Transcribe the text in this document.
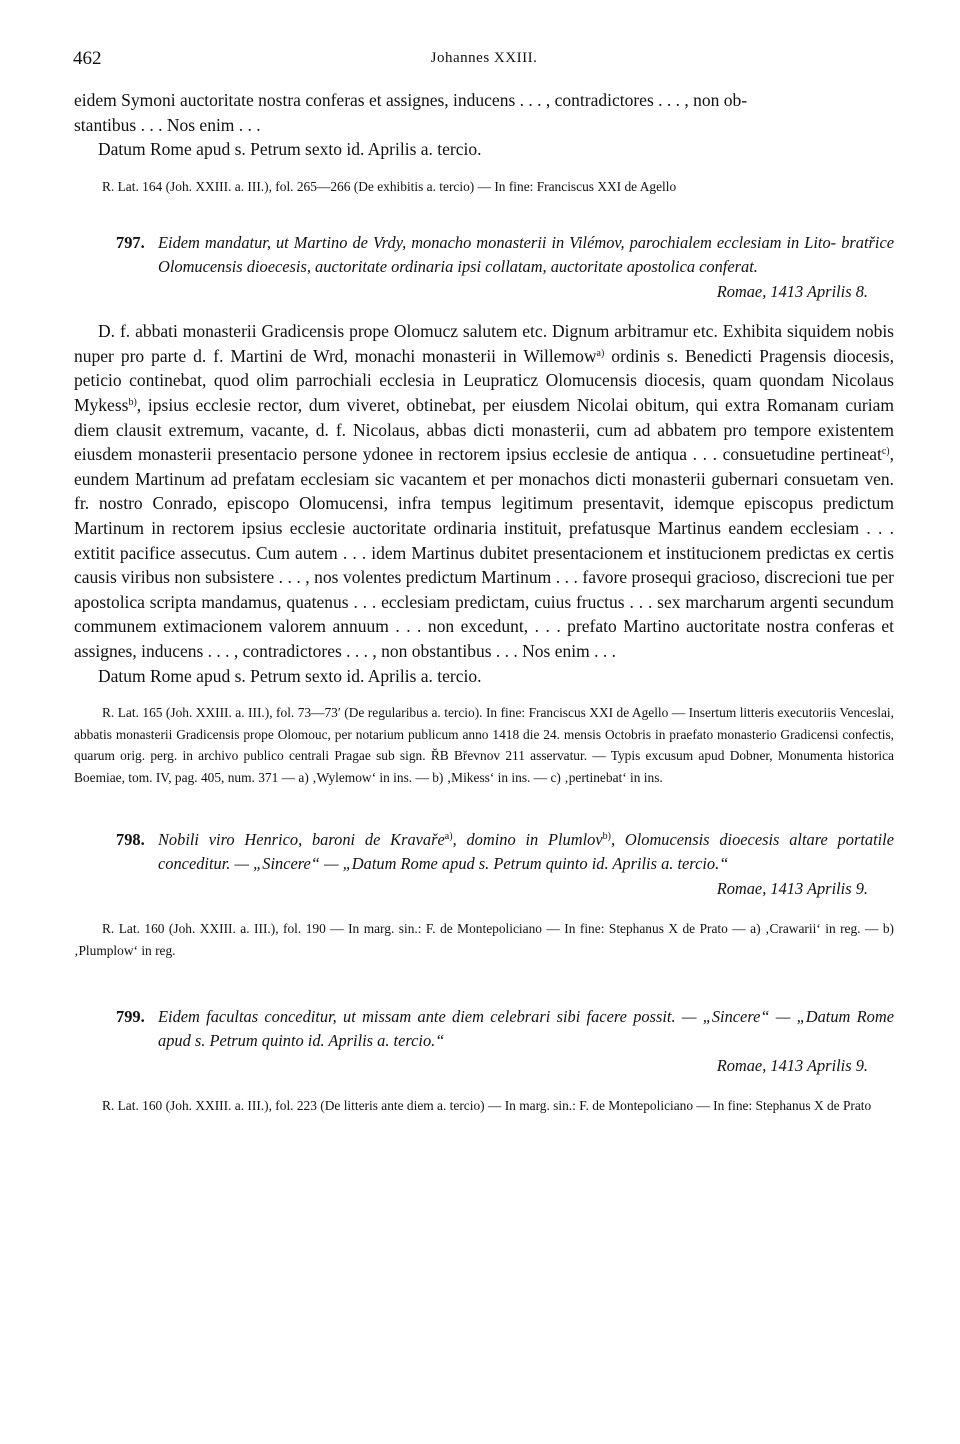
462	Johannes XXIII.

eidem Symoni auctoritate nostra conferas et assignes, inducens . . . , contradictores . . . , non ob-

stantibus . . . Nos enim . . .

Datum Rome apud s. Petrum sexto id. Aprilis a. tercio.

R. Lat. 164 (Joh. XXIII. a. III.), fol. 265—266 (De exhibitis a. tercio) — In fine: Franciscus XXI de Agello

797. Eidem mandatur, ut Martino de Vrdy, monacho monasterii in Vilémov, parochialem ecclesiam in Lito- bratřice Olomucensis dioecesis, auctoritate ordinaria ipsi collatam, auctoritate apostolica conferat.

Romae, 1413 Aprilis 8.

D. f. abbati monasterii Gradicensis prope Olomucz salutem etc. Dignum arbitramur etc. Exhibita siquidem nobis nuper pro parte d. f. Martini de Wrd, monachi monasterii in Willemow$^{a)}$ ordinis s. Benedicti Pragensis diocesis, peticio continebat, quod olim parrochiali ecclesia in Leupraticz Olomucensis diocesis, quam quondam Nicolaus Mykess$^{b)}$, ipsius ecclesie rector, dum viveret, obtinebat, per eiusdem Nicolai obitum, qui extra Romanam curiam diem clausit extremum, vacante, d. f. Nicolaus, abbas dicti monasterii, cum ad abbatem pro tempore existentem eiusdem monasterii presentacio persone ydonee in rectorem ipsius ecclesie de antiqua . . . consuetudine pertineat$^{c)}$, eundem Martinum ad prefatam ecclesiam sic vacantem et per monachos dicti monasterii gubernari consuetam ven. fr. nostro Conrado, episcopo Olomucensi, infra tempus legitimum presentavit, idemque episcopus predictum Martinum in rectorem ipsius ecclesie auctoritate ordinaria instituit, prefatusque Martinus eandem ecclesiam . . . extitit pacifice assecutus. Cum autem . . . idem Martinus dubitet presentacionem et institucionem predictas ex certis causis viribus non subsistere . . . , nos volentes predictum Martinum . . . favore prosequi gracioso, discrecioni tue per apostolica scripta mandamus, quatenus . . . ecclesiam predictam, cuius fructus . . . sex marcharum argenti secundum communem extimacionem valorem annuum . . . non excedunt, . . . prefato Martino auctoritate nostra conferas et assignes, inducens . . . , contradictores . . . , non obstantibus . . . Nos enim . . .

Datum Rome apud s. Petrum sexto id. Aprilis a. tercio.

R. Lat. 165 (Joh. XXIII. a. III.), fol. 73—73′ (De regularibus a. tercio). In fine: Franciscus XXI de Agello — Insertum litteris executoriis Venceslai, abbatis monasterii Gradicensis prope Olomouc, per notarium publicum anno 1418 die 24. mensis Octobris in praefato monasterio Gradicensi confectis, quarum orig. perg. in archivo publico centrali Pragae sub sign. ŘB Břevnov 211 asservatur. — Typis excusum apud Dobner, Monumenta historica Boemiae, tom. IV, pag. 405, num. 371 — a) ‚Wylemow‘ in ins. — b) ‚Mikess‘ in ins. — c) ‚pertinebat‘ in ins.

798. Nobili viro Henrico, baroni de Kravaře$^{a)}$, domino in Plumlov$^{b)}$, Olomucensis dioecesis altare portatile conceditur. — „Sincere“ — „Datum Rome apud s. Petrum quinto id. Aprilis a. tercio.“

Romae, 1413 Aprilis 9.

R. Lat. 160 (Joh. XXIII. a. III.), fol. 190 — In marg. sin.: F. de Montepoliciano — In fine: Stephanus X de Prato — a) ‚Crawarii‘ in reg. — b) ‚Plumplow‘ in reg.

799. Eidem facultas conceditur, ut missam ante diem celebrari sibi facere possit. — „Sincere“ — „Datum Rome apud s. Petrum quinto id. Aprilis a. tercio.“

Romae, 1413 Aprilis 9.

R. Lat. 160 (Joh. XXIII. a. III.), fol. 223 (De litteris ante diem a. tercio) — In marg. sin.: F. de Montepoliciano — In fine: Stephanus X de Prato
